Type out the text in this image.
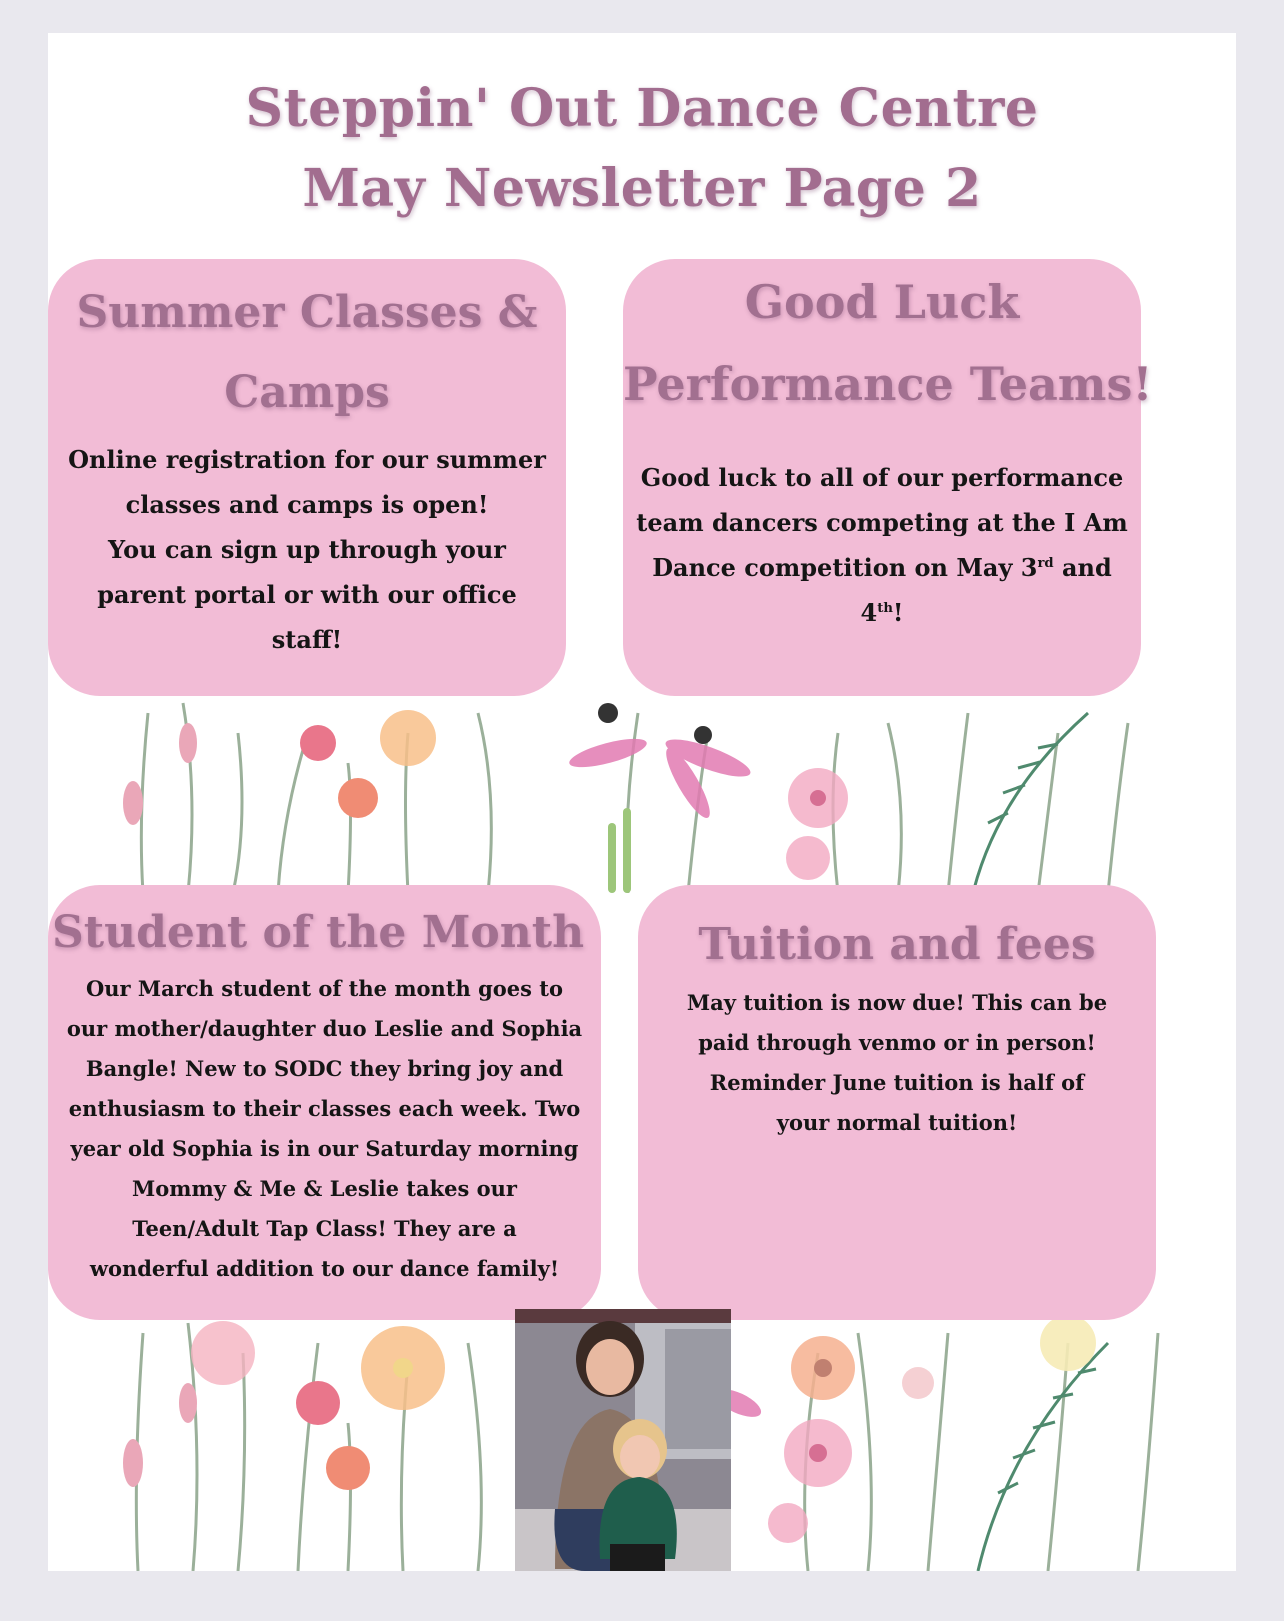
Steppin' Out Dance Centre
May Newsletter Page 2
Summer Classes & Camps

Online registration for our summer
classes and camps is open!
You can sign up through your
parent portal or with our office
staff!

Good Luck
Performance Teams!

Good luck to all of our performance
team dancers competing at the I Am
Dance competition on May 3rd and
4th!

Student of the Month

Our March student of the month goes to
our mother/daughter duo Leslie and Sophia
Bangle! New to SODC they bring joy and
enthusiasm to their classes each week. Two
year old Sophia is in our Saturday morning
Mommy & Me & Leslie takes our
Teen/Adult Tap Class! They are a
wonderful addition to our dance family!

Tuition and fees

May tuition is now due! This can be
paid through venmo or in person!
Reminder June tuition is half of
your normal tuition!
